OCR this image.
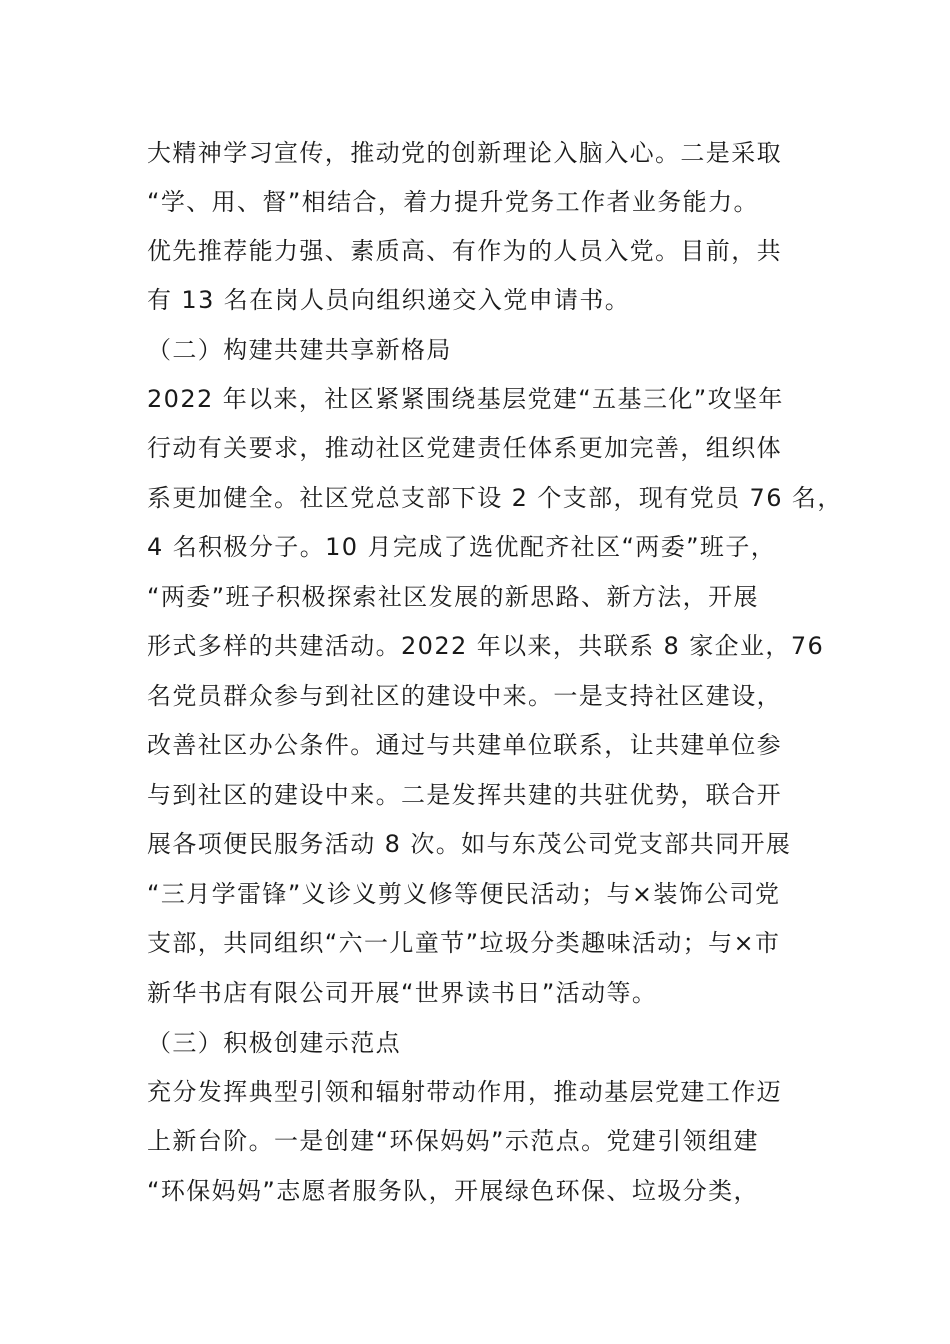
大精神学习宣传，推动党的创新理论入脑入心。二是采取
“学、用、督”相结合，着力提升党务工作者业务能力。
优先推荐能力强、素质高、有作为的人员入党。目前，共
有 13 名在岗人员向组织递交入党申请书。
（二）构建共建共享新格局
2022 年以来，社区紧紧围绕基层党建“五基三化”攻坚年
行动有关要求，推动社区党建责任体系更加完善，组织体
系更加健全。社区党总支部下设 2 个支部，现有党员 76 名，
4 名积极分子。10 月完成了选优配齐社区“两委”班子，
“两委”班子积极探索社区发展的新思路、新方法，开展
形式多样的共建活动。2022 年以来，共联系 8 家企业，76
名党员群众参与到社区的建设中来。一是支持社区建设，
改善社区办公条件。通过与共建单位联系，让共建单位参
与到社区的建设中来。二是发挥共建的共驻优势，联合开
展各项便民服务活动 8 次。如与东茂公司党支部共同开展
“三月学雷锋”义诊义剪义修等便民活动；与×装饰公司党
支部，共同组织“六一儿童节”垃圾分类趣味活动；与×市
新华书店有限公司开展“世界读书日”活动等。
（三）积极创建示范点
充分发挥典型引领和辐射带动作用，推动基层党建工作迈
上新台阶。一是创建“环保妈妈”示范点。党建引领组建
“环保妈妈”志愿者服务队，开展绿色环保、垃圾分类，
